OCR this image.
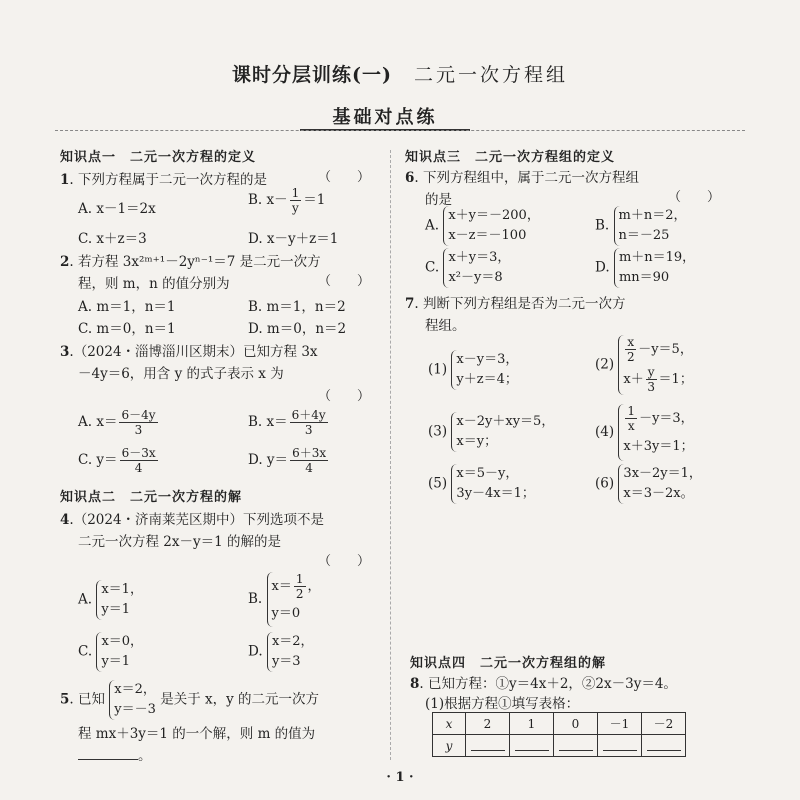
课时分层训练(一) 二元一次方程组
基础对点练
知识点一　二元一次方程的定义
1. 下列方程属于二元一次方程的是	（　　）
A. x－1＝2x
B. $x- \frac{1}{y} =1$
C. x＋z＝3	D. x－y＋z＝1
2. 若方程 3x²ᵐ⁺¹－2yⁿ⁻¹＝7 是二元一次方
程，则 m，n 的值分别为	（　　）
A. m＝1，n＝1	B. m＝1，n＝2
C. m＝0，n＝1	D. m＝0，n＝2
3.（2024・淄博淄川区期末）已知方程 3x
－4y＝6，用含 y 的式子表示 x 为
（　　）
A. $x= \frac{6-4y}{3}$	B. $x= \frac{6+4y}{3}$
C. $y= \frac{6-3x}{4}$	D. $y= \frac{6+3x}{4}$
知识点二　二元一次方程的解
4.（2024・济南莱芜区期中）下列选项不是
二元一次方程 2x－y＝1 的解的是
（　　）
A. x＝1，
y＝1
B. $x= \frac{1}{2}$ ，
y＝0
C. x＝0，
y＝1
D. x＝2，
y＝3
5. 已知 x＝2，
y＝－3 是关于 x，y 的二元一次方
程 mx＋3y＝1 的一个解，则 m 的值为
。
知识点三　二元一次方程组的定义
6. 下列方程组中，属于二元一次方程组
的是	（　　）
A. x＋y＝－200，
x－z＝－100
B. m＋n＝2，
n＝－25
C. x＋y＝3，
x²－y＝8
D. m＋n＝19，
mn＝90
7. 判断下列方程组是否为二元一次方
程组。
(1) x－y＝3，
y＋z＝4；
(2)
$\frac{x}{2} -y=5$，
$x+ \frac{y}{3} =1$；
(3) x－2y＋xy＝5，
x＝y；
$(4) \frac{1}{x} -y=3$，
x＋3y＝1；
(5) x＝5－y，
3y－4x＝1；
(6) 3x－2y＝1，
x＝3－2x。
知识点四　二元一次方程组的解
8. 已知方程：①y＝4x＋2，②2x－3y＝4。
(1)根据方程①填写表格：
x	2	1	0	－1	－2
y					
· 1 ·
